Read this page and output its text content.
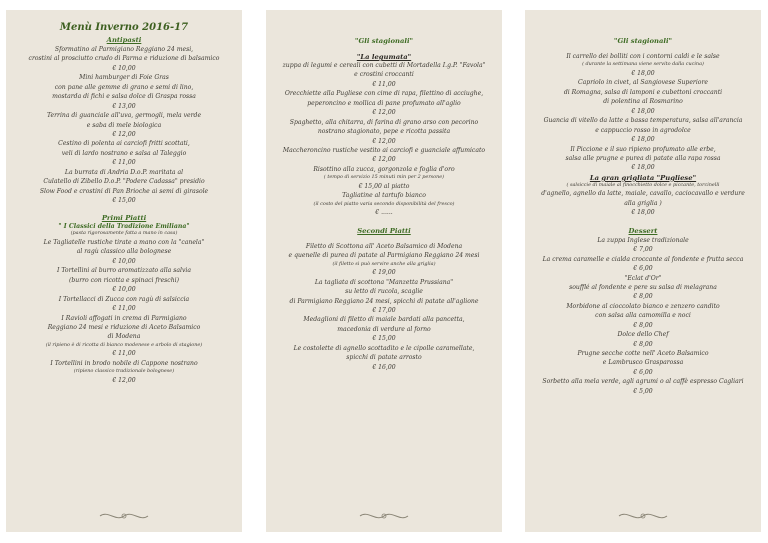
Menù Inverno 2016-17
Antipasti
Sformatino al Parmigiano Reggiano 24 mesi,
crostini al prosciutto crudo di Parma e riduzione di balsamico
€ 10,00
Mini hamburger di Foie Gras
con pane alle gemme di grano e semi di lino,
mostarda di fichi e salsa dolce di Graspa rossa
€ 13,00
Terrina di guanciale all'uva, germogli, mela verde
e saba di mele biologica
€ 12,00
Cestino di polenta ai carciofi fritti scottati,
veli di lardo nostrano e salsa al Taleggio
€ 11,00
La burrata di Andria D.o.P. maritata al
Culatello di Zibello D.o.P. "Podere Cadassa" presidio
Slow Food e crostini di Pan Brioche ai semi di girasole
€ 15,00
Primi Piatti
" I Classici della Tradizione Emiliana"
(pasta rigorosamente fatta a mano in casa)
Le Tagliatelle rustiche tirate a mano con la "canela"
al ragù classico alla bolognese
€ 10,00
I Tortellini al burro aromatizzato alla salvia
(burro con ricotta e spinaci freschi)
€ 10,00
I Tortellacci di Zucca con ragù di salsiccia
€ 11,00
I Ravioli affogati in crema di Parmigiano
Reggiano 24 mesi e riduzione di Aceto Balsamico
di Modena
(il ripieno è di ricotta di bianco modenese e arbolo di stagione)
€ 11,00
I Tortellini in brodo nobile di Cappone nostrano
(ripieno classico tradizionale bolognese)
€ 12,00
"Gli stagionali"
"La legumata"
zuppa di legumi e cereali con cubetti di Mortadella I.g.P. "Favola"
e crostini croccanti
€ 11,00
Orecchiette alla Pugliese con cime di rapa, filettino di acciughe,
peperoncino e mollica di pane profumato all'aglio
€ 12,00
Spaghetto, alla chitarra, di farina di grano arso con pecorino
nostrano stagionato, pepe e ricotta passita
€ 12,00
Maccheroncino rustiche vestito ai carciofi e guanciale affumicato
€ 12,00
Risottino alla zucca, gorgonzola e foglia d'oro
( tempo di servizio 15 minuti min per 2 persone)
€ 15,00 al piatto
Tagliatine al tartufo bianco
(il costo del piatto varia secondo disponibilità del fresco)
€ ......
Secondi Piatti
Filetto di Scottona all' Aceto Balsamico di Modena
e quenelle di purea di patate al Parmigiano Reggiano 24 mesi
(il filetto si può servire anche alla griglia)
€ 19,00
La tagliata di scottona "Manzetta Prussiana"
su letto di rucola, scaglie
di Parmigiano Reggiano 24 mesi, spicchi di patate all'aglione
€ 17,00
Medaglioni di filetto di maiale bardati alla pancetta,
macedonia di verdure al forno
€ 15,00
Le costolette di agnello scottadito e le cipolle caramellate,
spicchi di patate arrosto
€ 16,00
"Gli stagionali"
Il carrello dei bolliti con i contorni caldi e le salse
( durante la settimana viene servito dalla cucina)
€ 18,00
Capriolo in civet, al Sangiovese Superiore
di Romagna, salsa di lamponi e cubettoni croccanti
di polentina al Rosmarino
€ 18,00
Guancia di vitello da latte a bassa temperatura, salsa all'arancia
e cappuccio rosso in agrodolce
€ 18,00
Il Piccione e il suo ripieno profumato alle erbe,
salsa alle prugne e purea di patate alla rapa rossa
€ 18,00
La gran grigliata "Pugliese"
( salsiccie di maiale al finocchietto dolce e piccante, torcinelli
d'agnello, agnello da latte, maiale, cavallo, caciocavallo e verdure
alla griglia )
€ 18,00
Dessert
La zuppa Inglese tradizionale
€ 7,00
La crema caramelle e cialda croccante al fondente e frutta secca
€ 6,00
"Eclat d'Or"
soufflé al fondente e pere su salsa di melagrana
€ 8,00
Morbidone al cioccolato bianco e zenzero candito
con salsa alla camomilla e noci
€ 8,00
Dolce dello Chef
€ 8,00
Prugne secche cotte nell' Aceto Balsamico
e Lambrusco Grasparossa
€ 6,00
Sorbetto alla mela verde, agli agrumi o al caffè espresso Cagliari
€ 5,00
